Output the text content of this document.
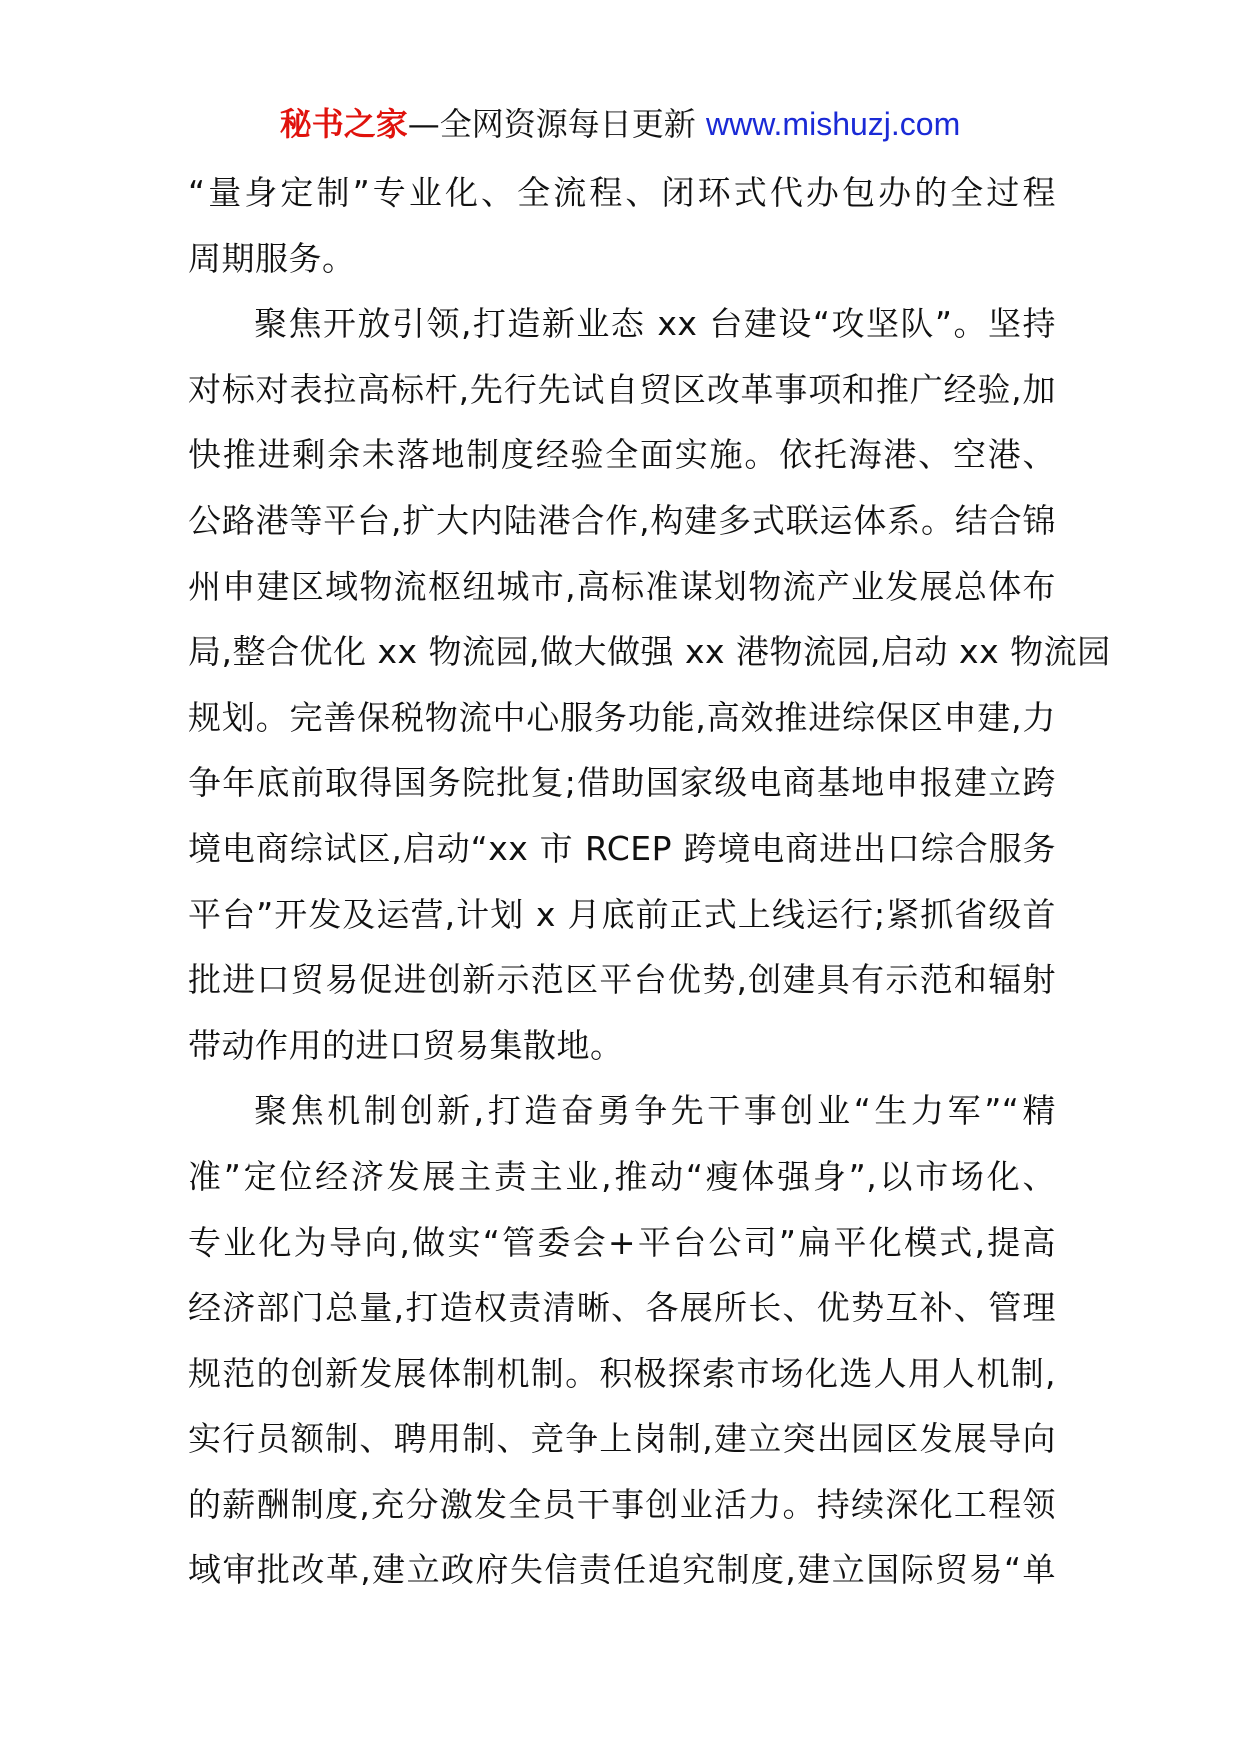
秘书之家—全网资源每日更新 www.mishuzj.com
“量身定制”专业化、全流程、闭环式代办包办的全过程
周期服务。
聚焦开放引领,打造新业态 xx 台建设“攻坚队”。坚持
对标对表拉高标杆,先行先试自贸区改革事项和推广经验,加
快推进剩余未落地制度经验全面实施。依托海港、空港、
公路港等平台,扩大内陆港合作,构建多式联运体系。结合锦
州申建区域物流枢纽城市,高标准谋划物流产业发展总体布
局,整合优化 xx 物流园,做大做强 xx 港物流园,启动 xx 物流园
规划。完善保税物流中心服务功能,高效推进综保区申建,力
争年底前取得国务院批复;借助国家级电商基地申报建立跨
境电商综试区,启动“xx 市 RCEP 跨境电商进出口综合服务
平台”开发及运营,计划 x 月底前正式上线运行;紧抓省级首
批进口贸易促进创新示范区平台优势,创建具有示范和辐射
带动作用的进口贸易集散地。
聚焦机制创新,打造奋勇争先干事创业“生力军”“精
准”定位经济发展主责主业,推动“瘦体强身”,以市场化、
专业化为导向,做实“管委会+平台公司”扁平化模式,提高
经济部门总量,打造权责清晰、各展所长、优势互补、管理
规范的创新发展体制机制。积极探索市场化选人用人机制,
实行员额制、聘用制、竞争上岗制,建立突出园区发展导向
的薪酬制度,充分激发全员干事创业活力。持续深化工程领
域审批改革,建立政府失信责任追究制度,建立国际贸易“单
